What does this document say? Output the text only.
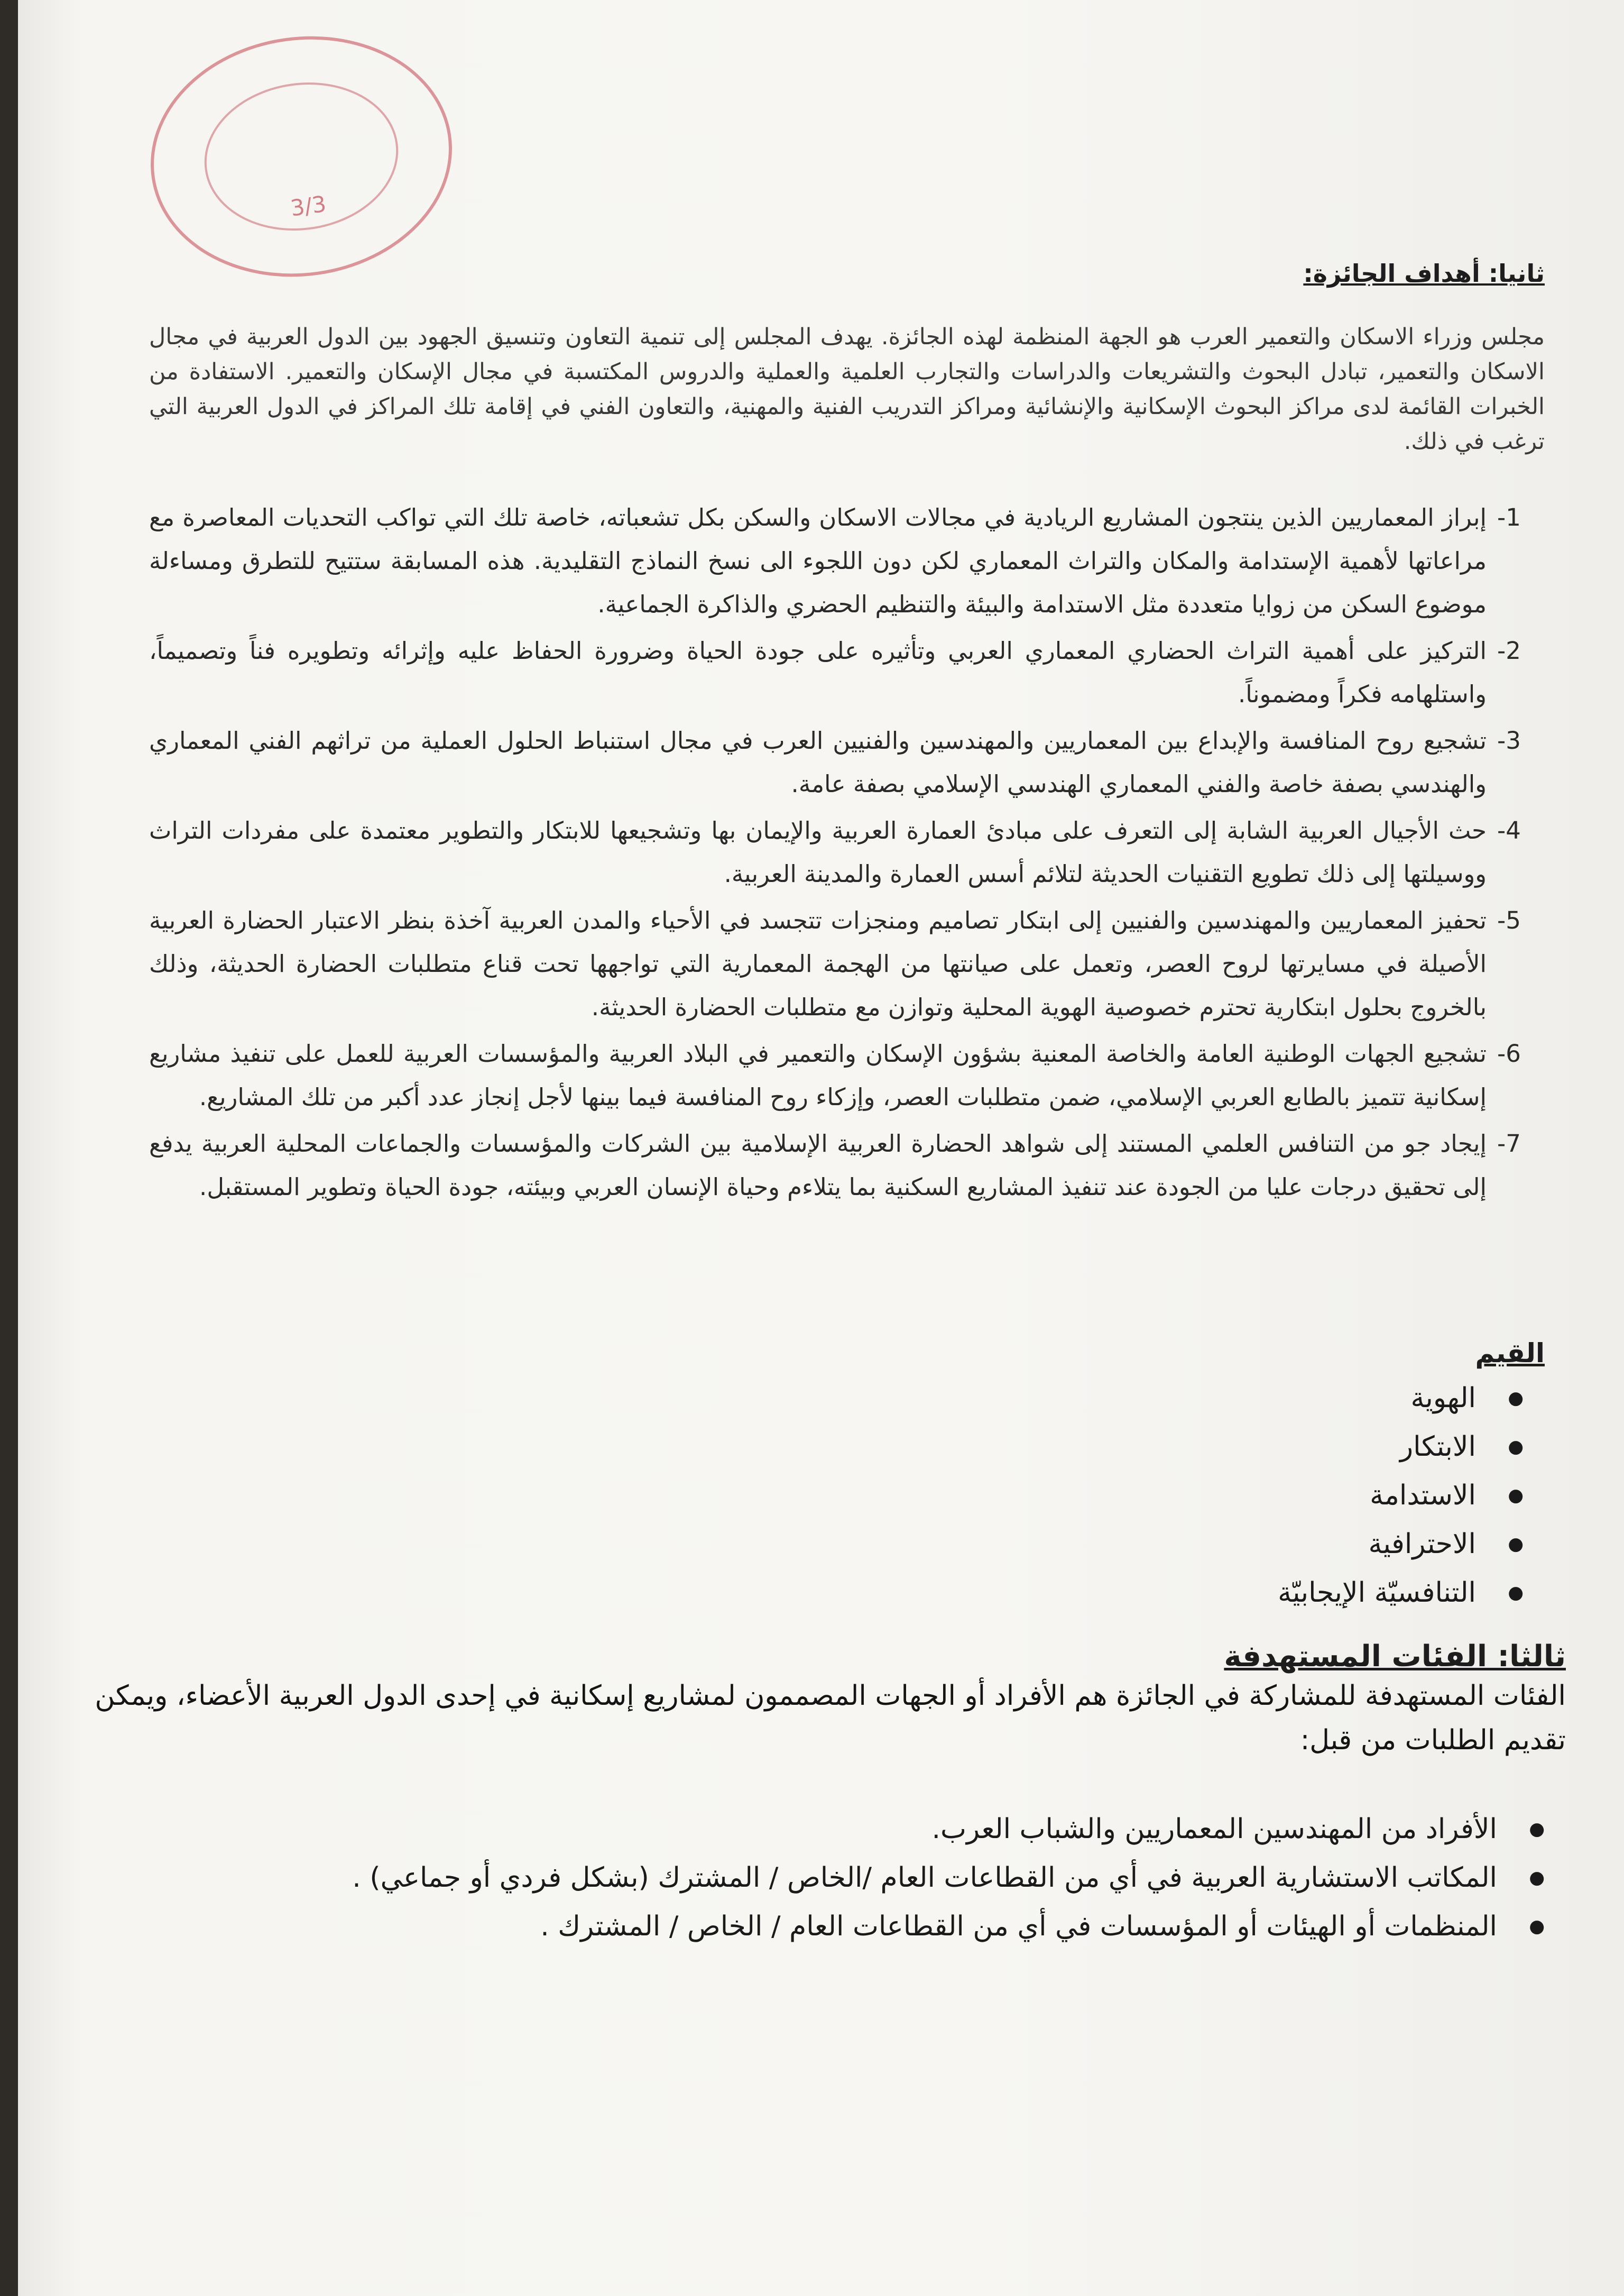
3/3
ثانيا: أهداف الجائزة:
مجلس وزراء الاسكان والتعمير العرب هو الجهة المنظمة لهذه الجائزة. يهدف المجلس إلى تنمية التعاون وتنسيق الجهود بين الدول العربية في مجال الاسكان والتعمير، تبادل البحوث والتشريعات والدراسات والتجارب العلمية والعملية والدروس المكتسبة في مجال الإسكان والتعمير. الاستفادة من الخبرات القائمة لدى مراكز البحوث الإسكانية والإنشائية ومراكز التدريب الفنية والمهنية، والتعاون الفني في إقامة تلك المراكز في الدول العربية التي ترغب في ذلك.
-1
إبراز المعماريين الذين ينتجون المشاريع الريادية في مجالات الاسكان والسكن بكل تشعباته، خاصة تلك التي تواكب التحديات المعاصرة مع مراعاتها لأهمية الإستدامة والمكان والتراث المعماري لكن دون اللجوء الى نسخ النماذج التقليدية. هذه المسابقة ستتيح للتطرق ومساءلة موضوع السكن من زوايا متعددة مثل الاستدامة والبيئة والتنظيم الحضري والذاكرة الجماعية.
-2
التركيز على أهمية التراث الحضاري المعماري العربي وتأثيره على جودة الحياة وضرورة الحفاظ عليه وإثرائه وتطويره فناً وتصميماً، واستلهامه فكراً ومضموناً.
-3
تشجيع روح المنافسة والإبداع بين المعماريين والمهندسين والفنيين العرب في مجال استنباط الحلول العملية من تراثهم الفني المعماري والهندسي بصفة خاصة والفني المعماري الهندسي الإسلامي بصفة عامة.
-4
حث الأجيال العربية الشابة إلى التعرف على مبادئ العمارة العربية والإيمان بها وتشجيعها للابتكار والتطوير معتمدة على مفردات التراث ووسيلتها إلى ذلك تطويع التقنيات الحديثة لتلائم أسس العمارة والمدينة العربية.
-5
تحفيز المعماريين والمهندسين والفنيين إلى ابتكار تصاميم ومنجزات تتجسد في الأحياء والمدن العربية آخذة بنظر الاعتبار الحضارة العربية الأصيلة في مسايرتها لروح العصر، وتعمل على صيانتها من الهجمة المعمارية التي تواجهها تحت قناع متطلبات الحضارة الحديثة، وذلك بالخروج بحلول ابتكارية تحترم خصوصية الهوية المحلية وتوازن مع متطلبات الحضارة الحديثة.
-6
تشجيع الجهات الوطنية العامة والخاصة المعنية بشؤون الإسكان والتعمير في البلاد العربية والمؤسسات العربية للعمل على تنفيذ مشاريع إسكانية تتميز بالطابع العربي الإسلامي، ضمن متطلبات العصر، وإزكاء روح المنافسة فيما بينها لأجل إنجاز عدد أكبر من تلك المشاريع.
-7
إيجاد جو من التنافس العلمي المستند إلى شواهد الحضارة العربية الإسلامية بين الشركات والمؤسسات والجماعات المحلية العربية يدفع إلى تحقيق درجات عليا من الجودة عند تنفيذ المشاريع السكنية بما يتلاءم وحياة الإنسان العربي وبيئته، جودة الحياة وتطوير المستقبل.
القيم
● الهوية
● الابتكار
● الاستدامة
● الاحترافية
● التنافسيّة الإيجابيّة
ثالثا: الفئات المستهدفة
الفئات المستهدفة للمشاركة في الجائزة هم الأفراد أو الجهات المصممون لمشاريع إسكانية في إحدى الدول العربية الأعضاء، ويمكن تقديم الطلبات من قبل:
● الأفراد من المهندسين المعماريين والشباب العرب.
● المكاتب الاستشارية العربية في أي من القطاعات العام /الخاص / المشترك (بشكل فردي أو جماعي) .
● المنظمات أو الهيئات أو المؤسسات في أي من القطاعات العام / الخاص / المشترك .
